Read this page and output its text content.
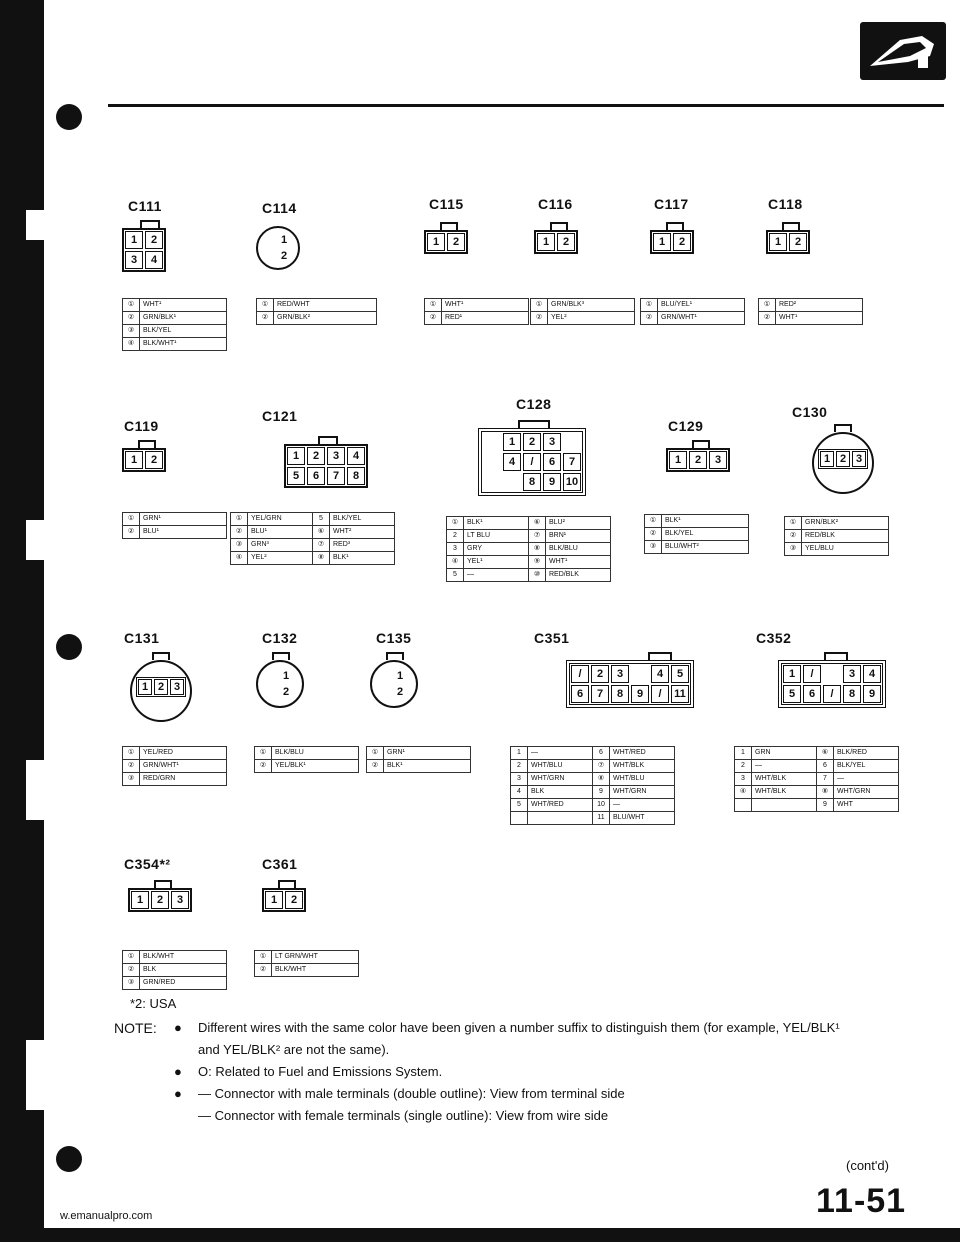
C111
1	2
3	4
①	WHT¹
②	GRN/BLK¹
③	BLK/YEL
④	BLK/WHT¹
C114
1
2
①	RED/WHT
②	GRN/BLK²
C115
1	2
①	WHT¹
②	RED¹
C116
1	2
①	GRN/BLK³
②	YEL²
C117
1	2
①	BLU/YEL¹
②	GRN/WHT¹
C118
1	2
①	RED²
②	WHT¹
C119
1	2
①	GRN¹
②	BLU¹
C121
1	2	3	4
5	6	7	8
①	YEL/GRN	5	BLK/YEL
②	BLU¹	⑥	WHT²
③	GRN³	⑦	RED³
④	YEL²	⑧	BLK¹
C128
1	2	3
4	/	6	7
8	9 10
①	BLK¹	⑥	BLU²
2	LT BLU	⑦	BRN¹
3	GRY	⑧	BLK/BLU
④	YEL¹	⑨	WHT¹
5	—	⑩	RED/BLK
C129
1	2	3
①	BLK¹
②	BLK/YEL
③	BLU/WHT²
C130
1 2 3
①	GRN/BLK²
②	RED/BLK
③	YEL/BLU
C131
1 2 3
①	YEL/RED
②	GRN/WHT¹
③	RED/GRN
C132
1
2
①	BLK/BLU
②	YEL/BLK¹
C135
1
2
①	GRN¹
②	BLK¹
C351
/	2	3	4	5
6	7	8	9	/	11
1	—	6	WHT/RED
2	WHT/BLU	⑦	WHT/BLK
3	WHT/GRN	⑧	WHT/BLU
4	BLK	9	WHT/GRN
5	WHT/RED	10	—
		11	BLU/WHT
C352
1	/	3	4
5	6	/	8	9
1	GRN	⑥	BLK/RED
2	—	6	BLK/YEL
3	WHT/BLK	7	—
④	WHT/BLK	⑧	WHT/GRN
		9	WHT
C354*²
1	2	3
①	BLK/WHT
②	BLK
③	GRN/RED
C361
1	2
①	LT GRN/WHT
②	BLK/WHT
*2: USA
NOTE: ● Different wires with the same color have been given a number suffix to distinguish them (for example, YEL/BLK¹
and YEL/BLK² are not the same).
● O: Related to Fuel and Emissions System.
● — Connector with male terminals (double outline): View from terminal side
— Connector with female terminals (single outline): View from wire side
(cont'd)
11-51
w.emanualpro.com
